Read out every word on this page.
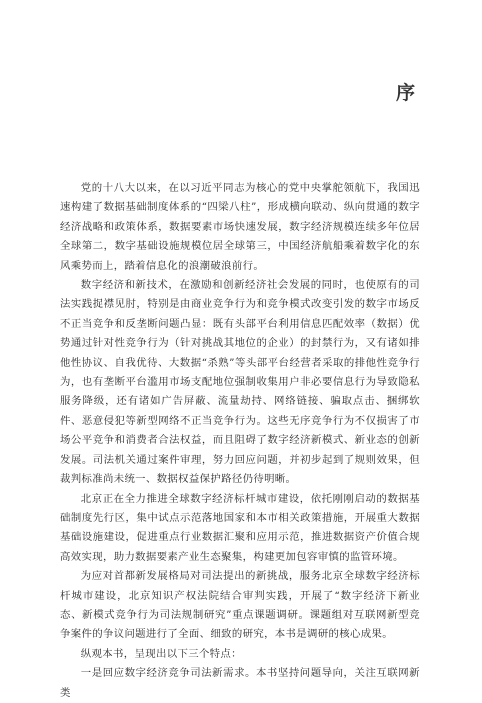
序

党的十八大以来，在以习近平同志为核心的党中央掌舵领航下，我国迅速构建了数据基础制度体系的“四梁八柱”，形成横向联动、纵向贯通的数字经济战略和政策体系，数据要素市场快速发展，数字经济规模连续多年位居全球第二，数字基础设施规模位居全球第三，中国经济航船乘着数字化的东风乘势而上，踏着信息化的浪潮破浪前行。

数字经济和新技术，在激励和创新经济社会发展的同时，也使原有的司法实践捉襟见肘，特别是由商业竞争行为和竞争模式改变引发的数字市场反不正当竞争和反垄断问题凸显：既有头部平台利用信息匹配效率（数据）优势通过针对性竞争行为（针对挑战其地位的企业）的封禁行为，又有诸如排他性协议、自我优待、大数据“杀熟”等头部平台经营者采取的排他性竞争行为，也有垄断平台滥用市场支配地位强制收集用户非必要信息行为导致隐私服务降级，还有诸如广告屏蔽、流量劫持、网络链接、骗取点击、捆绑软件、恶意侵犯等新型网络不正当竞争行为。这些无序竞争行为不仅损害了市场公平竞争和消费者合法权益，而且阻碍了数字经济新模式、新业态的创新发展。司法机关通过案件审理，努力回应问题，并初步起到了规则效果，但裁判标准尚未统一、数据权益保护路径仍待明晰。

北京正在全力推进全球数字经济标杆城市建设，依托刚刚启动的数据基础制度先行区，集中试点示范落地国家和本市相关政策措施，开展重大数据基础设施建设，促进重点行业数据汇聚和应用示范，推进数据资产价值合规高效实现，助力数据要素产业生态聚集，构建更加包容审慎的监管环境。

为应对首都新发展格局对司法提出的新挑战，服务北京全球数字经济标杆城市建设，北京知识产权法院结合审判实践，开展了“数字经济下新业态、新模式竞争行为司法规制研究”重点课题调研。课题组对互联网新型竞争案件的争议问题进行了全面、细致的研究，本书是调研的核心成果。

纵观本书，呈现出以下三个特点：

一是回应数字经济竞争司法新需求。本书坚持问题导向，关注互联网新类
